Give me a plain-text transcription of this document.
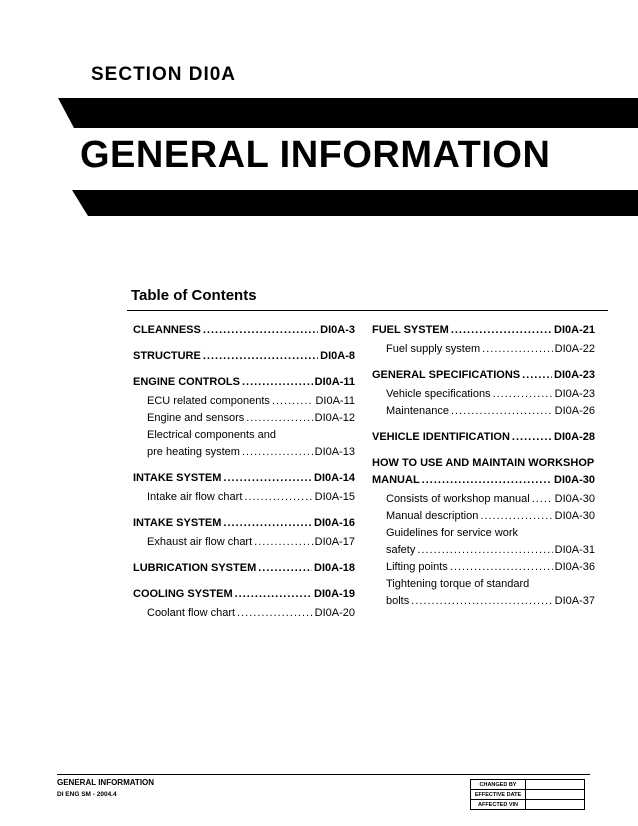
SECTION DI0A
GENERAL INFORMATION
Table of Contents
CLEANNESS .....	DI0A-3
STRUCTURE .....	DI0A-8
ENGINE CONTROLS .....	DI0A-11
ECU related components .....	DI0A-11
Engine and sensors .....	DI0A-12
Electrical components and
pre heating system .....	DI0A-13
INTAKE SYSTEM .....	DI0A-14
Intake air flow chart .....	DI0A-15
INTAKE SYSTEM .....	DI0A-16
Exhaust air flow chart .....	DI0A-17
LUBRICATION SYSTEM .....	DI0A-18
COOLING SYSTEM .....	DI0A-19
Coolant flow chart .....	DI0A-20
FUEL SYSTEM .....	DI0A-21
Fuel supply system .....	DI0A-22
GENERAL SPECIFICATIONS .....	DI0A-23
Vehicle specifications .....	DI0A-23
Maintenance .....	DI0A-26
VEHICLE IDENTIFICATION .....	DI0A-28
HOW TO USE AND MAINTAIN WORKSHOP
MANUAL .....	DI0A-30
Consists of workshop manual ..... DI0A-30
Manual description .....	DI0A-30
Guidelines for service work
safety .....	DI0A-31
Lifting points .....	DI0A-36
Tightening torque of standard
bolts .....	DI0A-37
GENERAL INFORMATION
DI ENG SM - 2004.4
CHANGED BY	
EFFECTIVE DATE	
AFFECTED VIN	
